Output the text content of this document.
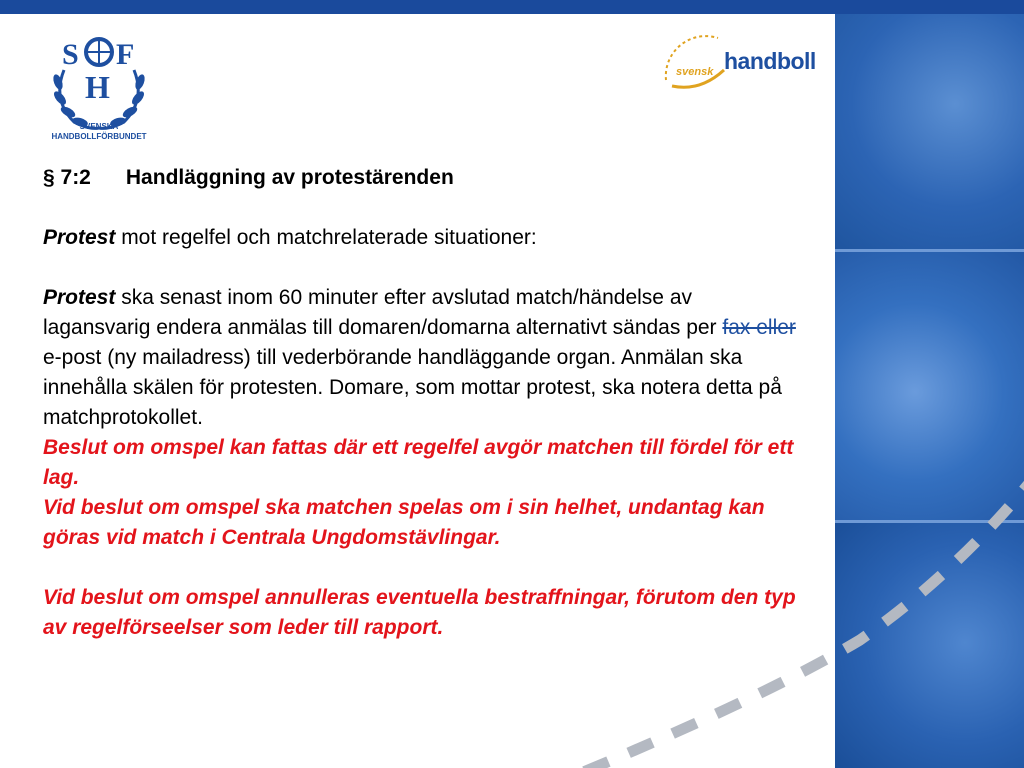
S F
H
SVENSKA
HANDBOLLFÖRBUNDET
svensk handboll
§ 7:2 Handläggning av protestärenden
Protest mot regelfel och matchrelaterade situationer:
Protest ska senast inom 60 minuter efter avslutad match/händelse av lagansvarig endera anmälas till domaren/domarna alternativt sändas per fax eller e-post (ny mailadress) till vederbörande handläggande organ. Anmälan ska innehålla skälen för protesten. Domare, som mottar protest, ska notera detta på matchprotokollet.
Beslut om omspel kan fattas där ett regelfel avgör matchen till fördel för ett lag.
Vid beslut om omspel ska matchen spelas om i sin helhet, undantag kan göras vid match i Centrala Ungdomstävlingar.
Vid beslut om omspel annulleras eventuella bestraffningar, förutom den typ av regelförseelser som leder till rapport.
